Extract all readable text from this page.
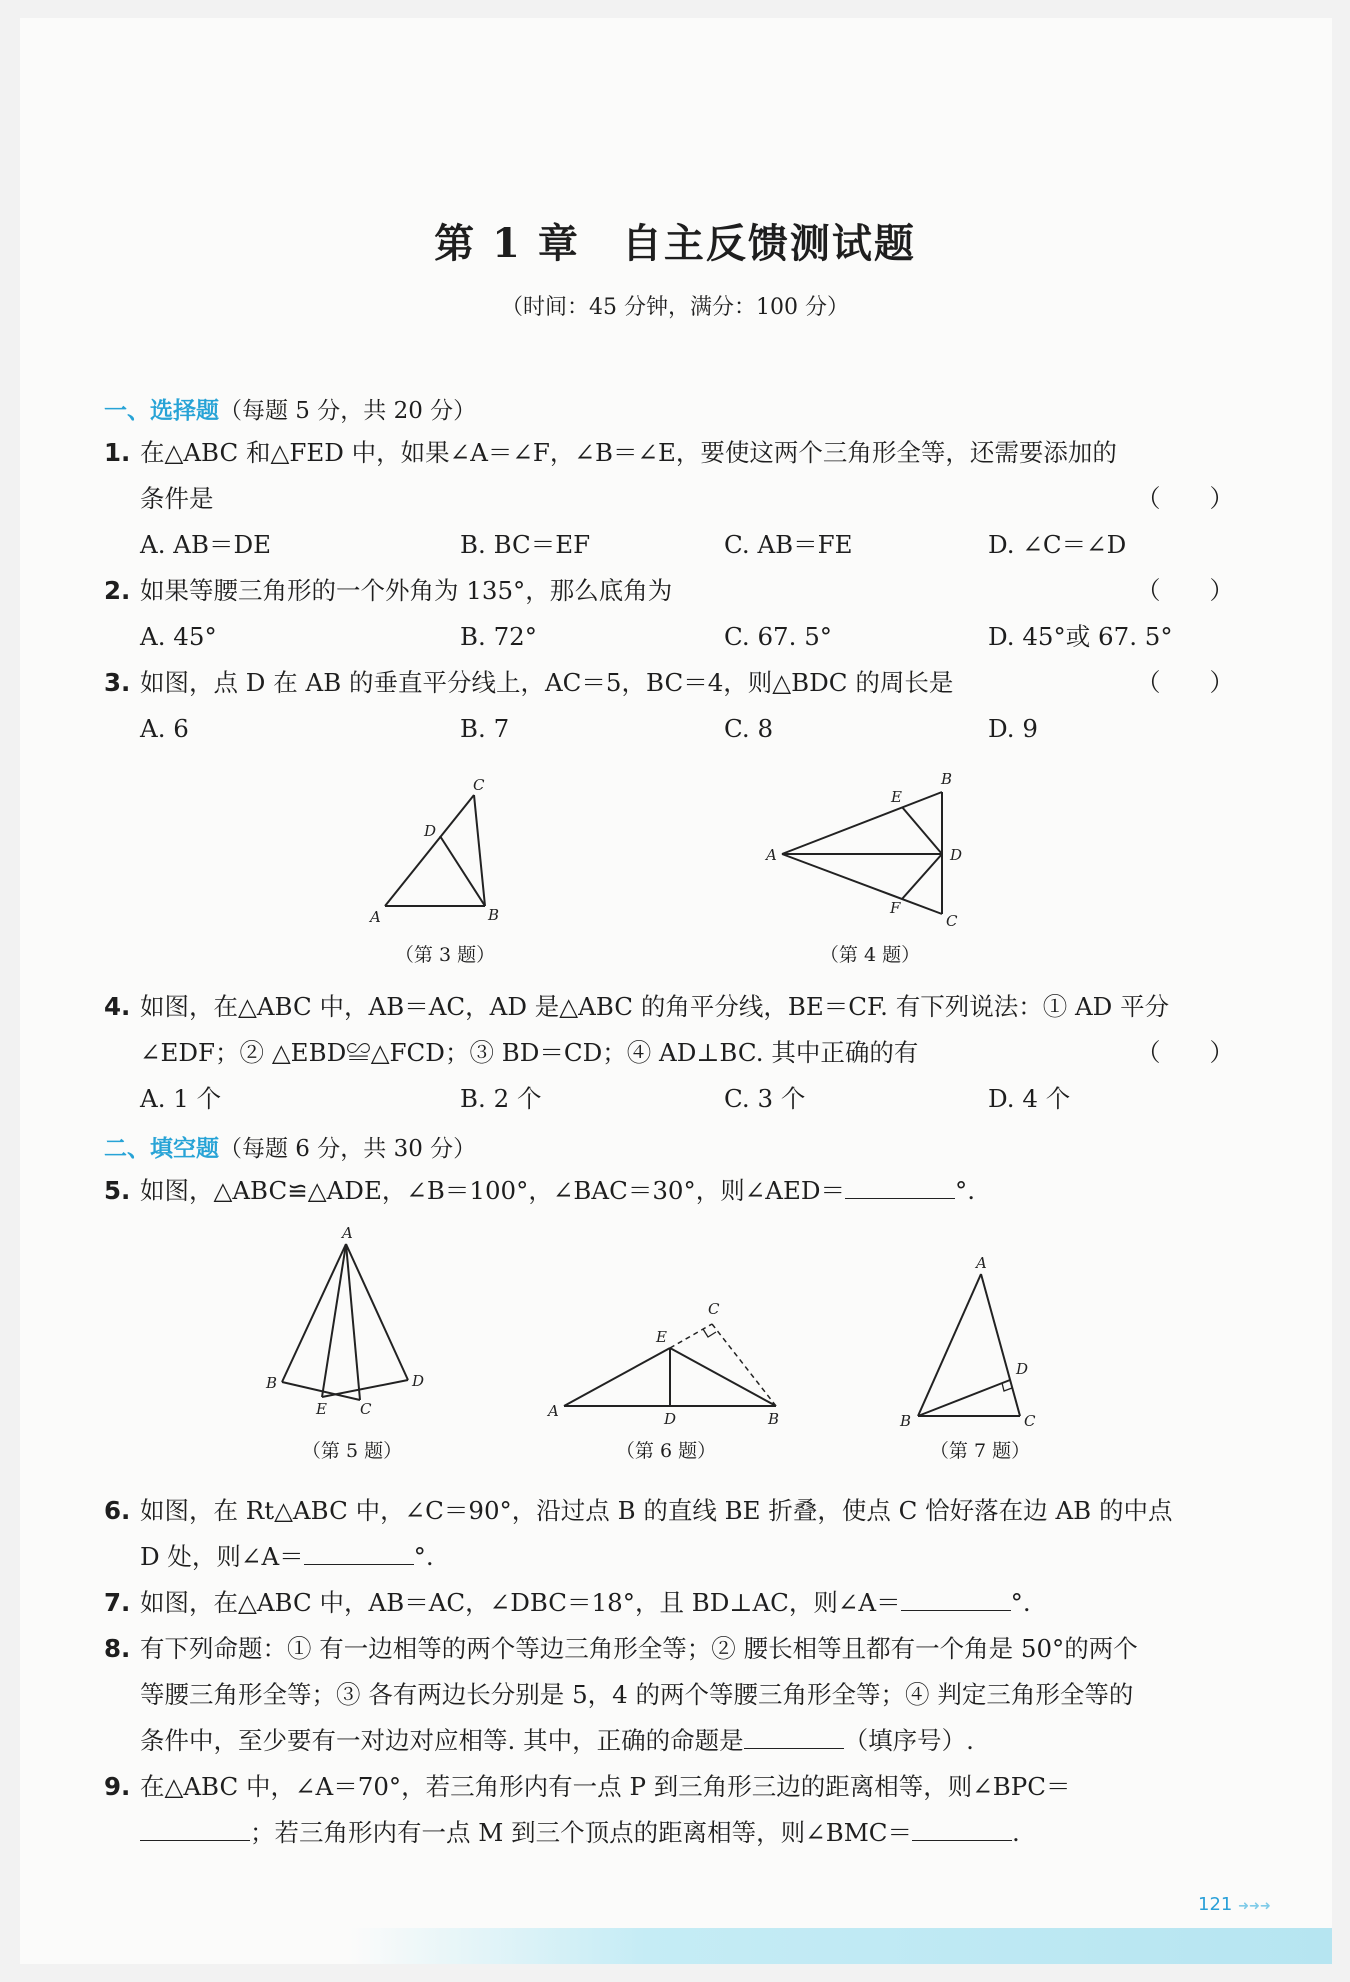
第 1 章　自主反馈测试题
（时间：45 分钟，满分：100 分）
一、选择题（每题 5 分，共 20 分）
1. 在△ABC 和△FED 中，如果∠A＝∠F，∠B＝∠E，要使这两个三角形全等，还需要添加的
条件是	（　　）
A. AB＝DE	B. BC＝EF	C. AB＝FE	D. ∠C＝∠D
2. 如果等腰三角形的一个外角为 135°，那么底角为	（　　）
A. 45°	B. 72°	C. 67. 5°	D. 45°或 67. 5°
3. 如图，点 D 在 AB 的垂直平分线上，AC＝5，BC＝4，则△BDC 的周长是	（　　）
A. 6	B. 7	C. 8	D. 9
A	B
C
D
（第 3 题）
A
B
C
D
E
F
（第 4 题）
4. 如图，在△ABC 中，AB＝AC，AD 是△ABC 的角平分线，BE＝CF. 有下列说法：① AD 平分
∠EDF；② △EBD≌△FCD；③ BD＝CD；④ AD⊥BC. 其中正确的有	（　　）
A. 1 个	B. 2 个	C. 3 个	D. 4 个
二、填空题（每题 6 分，共 30 分）
5. 如图，△ABC≌△ADE，∠B＝100°，∠BAC＝30°，则∠AED＝	°.
A
B
C
D
E
（第 5 题）
A	B
C
D
E
（第 6 题）
A
B	C
D
（第 7 题）
6. 如图，在 Rt△ABC 中，∠C＝90°，沿过点 B 的直线 BE 折叠，使点 C 恰好落在边 AB 的中点
D 处，则∠A＝	°.
7. 如图，在△ABC 中，AB＝AC，∠DBC＝18°，且 BD⊥AC，则∠A＝	°.
8. 有下列命题：① 有一边相等的两个等边三角形全等；② 腰长相等且都有一个角是 50°的两个
等腰三角形全等；③ 各有两边长分别是 5，4 的两个等腰三角形全等；④ 判定三角形全等的
条件中，至少要有一对边对应相等. 其中，正确的命题是	（填序号）.
9. 在△ABC 中，∠A＝70°，若三角形内有一点 P 到三角形三边的距离相等，则∠BPC＝
；若三角形内有一点 M 到三个顶点的距离相等，则∠BMC＝	.
121 ➜➜➜
